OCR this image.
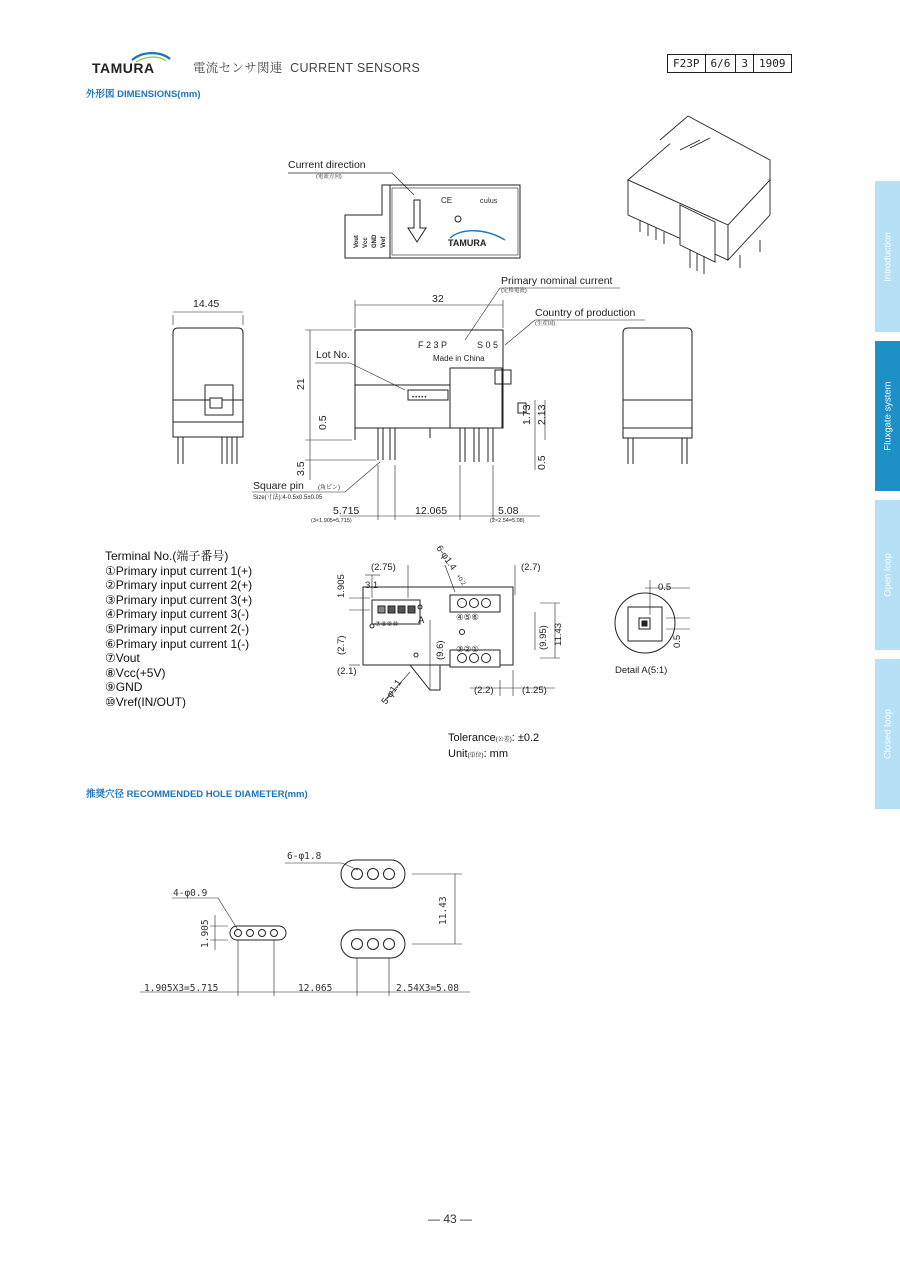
TAMURA	電流センサ関連 CURRENT SENSORS	F23P	6/6	3	1909
外形図 DIMENSIONS(mm)
Introduction
Fluxgate system
Open loop
Closed loop
TAMURA
CE	c𝗎𝗅us
Vout Vcc GND Vref
Current direction
(電流方向)
Primary nominal current
(定格電流)
Country of production
(生産国)
Lot No.
F 2 3 P	S 0 5
Made in China
•••••
Square pin (角ピン)
Size(寸法):4-0.5x0.5±0.05
32
14.45
21
0.5
3.5
1.73 2.13
0.5
5.715
(3×1.905=5.715)
12.065	5.08
(2×2.54=5.08)
(2.75)
3.1
1.905
(2.7)	(9.6)
(2.1)
6-φ1.4
+0.2
5-φ1.1
(2.7)
(9.95) 11.43
(2.2)	(1.25)
A	④⑤⑥
③②①
⑦⑧⑨⑩
Detail A(5:1)
0.5
0.5
6-φ1.8
4-φ0.9
1.905
11.43
1.905X3=5.715	12.065	2.54X3=5.08
Terminal No.(端子番号)
①Primary input current 1(+)
②Primary input current 2(+)
③Primary input current 3(+)
④Primary input current 3(-)
⑤Primary input current 2(-)
⑥Primary input current 1(-)
⑦Vout
⑧Vcc(+5V)
⑨GND
⑩Vref(IN/OUT)
Tolerance(公差): ±0.2
Unit(単位): mm
推奨穴径 RECOMMENDED HOLE DIAMETER(mm)
— 43 —
